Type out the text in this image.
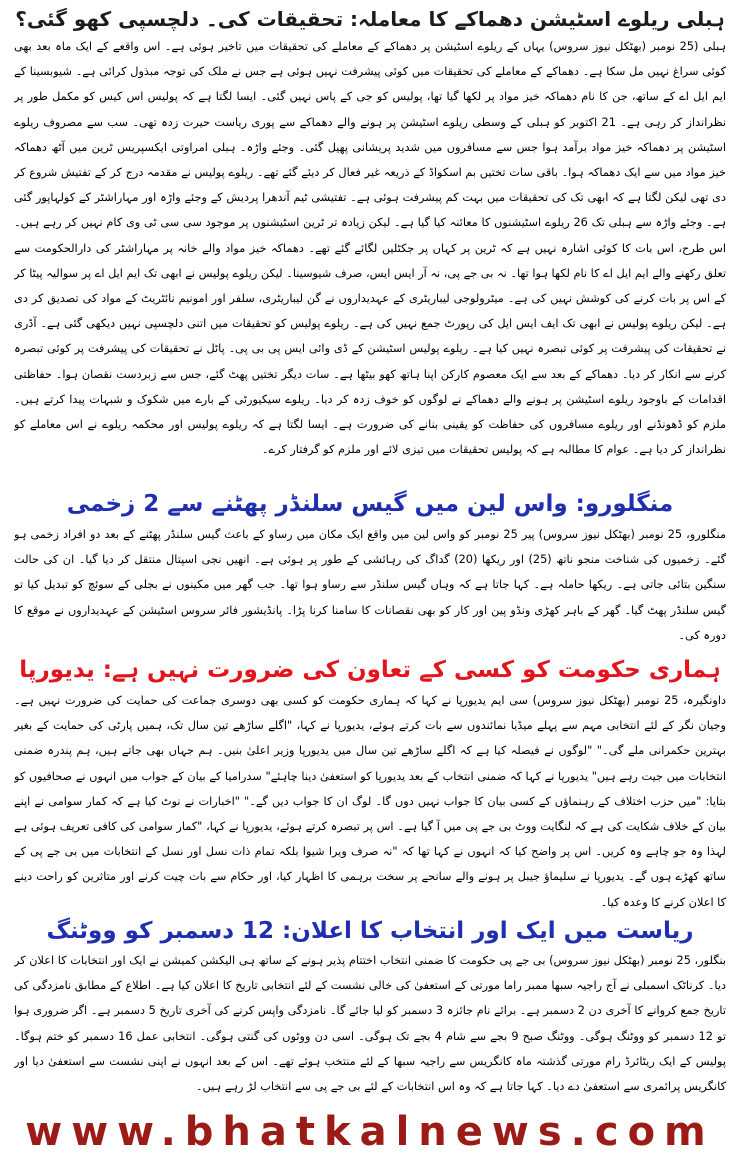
ہبلی ریلوے اسٹیشن دھماکے کا معاملہ: تحقیقات کی۔ دلچسپی کھو گئی؟

ہبلی (25 نومبر (بھٹکل نیوز سروس) یہاں کے ریلوے اسٹیشن پر دھماکے کے معاملے کی تحقیقات میں تاخیر ہوئی ہے۔ اس واقعے کے ایک ماہ بعد بھی کوئی سراغ نہیں مل سکا ہے۔ دھماکے کے معاملے کی تحقیقات میں کوئی پیشرفت نہیں ہوئی ہے جس نے ملک کی توجہ مبذول کرائی ہے۔ شیوبسینا کے ایم ایل اے کے ساتھ، جن کا نام دھماکہ خیز مواد پر لکھا گیا تھا، پولیس کو جی کے پاس نہیں گئی۔ ایسا لگتا ہے کہ پولیس اس کیس کو مکمل طور پر نظرانداز کر رہی ہے۔ 21 اکتوبر کو ہبلی کے وسطی ریلوے اسٹیشن پر ہونے والے دھماکے سے پوری ریاست حیرت زدہ تھی۔ سب سے مصروف ریلوے اسٹیشن پر دھماکہ خیز مواد برآمد ہوا جس سے مسافروں میں شدید پریشانی پھیل گئی۔ وجئے واڑہ۔ ہبلی امراوتی ایکسپریس ٹرین میں آٹھ دھماکہ خیز مواد میں سے ایک دھماکہ ہوا۔ باقی سات تختیں بم اسکواڈ کے ذریعہ غیر فعال کر دیئے گئے تھے۔ ریلوے پولیس نے مقدمہ درج کر کے تفتیش شروع کر دی تھی لیکن لگتا ہے کہ ابھی تک کی تحقیقات میں بہت کم پیشرفت ہوئی ہے۔ تفتیشی ٹیم آندھرا پردیش کے وجئے واڑہ اور مہاراشٹر کے کولہاپور گئی ہے۔ وجئے واڑہ سے ہبلی تک 26 ریلوے اسٹیشنوں کا معائنہ کیا گیا ہے۔ لیکن زیادہ تر ٹرین اسٹیشنوں پر موجود سی سی ٹی وی کام نہیں کر رہے ہیں۔ اس طرح، اس بات کا کوئی اشارہ نہیں ہے کہ ٹرین پر کہاں پر جکٹلیں لگائے گئے تھے۔ دھماکہ خیز مواد والے خانہ پر مہاراشٹر کی دارالحکومت سے تعلق رکھنے والے ایم ایل اے کا نام لکھا ہوا تھا۔ نہ بی جے پی، نہ آر ایس ایس، صرف شیوسینا۔ لیکن ریلوے پولیس نے ابھی تک ایم ایل اے پر سوالیہ پیٹا کر کے اس پر بات کرنے کی کوشش نہیں کی ہے۔ میٹرولوجی لیباریٹری کے عہدیداروں نے گن لیباریٹری، سلفر اور امونیم نائٹریٹ کے مواد کی تصدیق کر دی ہے۔ لیکن ریلوے پولیس نے ابھی تک ایف ایس ایل کی رپورٹ جمع نہیں کی ہے۔ ریلوے پولیس کو تحقیقات میں اتنی دلچسپی نہیں دیکھی گئی ہے۔ آڈری نے تحقیقات کی پیشرفت پر کوئی تبصرہ نہیں کیا ہے۔ ریلوے پولیس اسٹیشن کے ڈی وائی ایس پی بی پی۔ پاٹل نے تحقیقات کی پیشرفت پر کوئی تبصرہ کرنے سے انکار کر دیا۔ دھماکے کے بعد سے ایک معصوم کارکن اپنا ہاتھ کھو بیٹھا ہے۔ سات دیگر تختیں پھٹ گئے، جس سے زبردست نقصان ہوا۔ حفاظتی اقدامات کے باوجود ریلوے اسٹیشن پر ہونے والے دھماکے نے لوگوں کو خوف زدہ کر دیا۔ ریلوے سیکیورٹی کے بارے میں شکوک و شبہات پیدا کرتے ہیں۔ ملزم کو ڈھونڈنے اور ریلوے مسافروں کی حفاظت کو یقینی بنانے کی ضرورت ہے۔ ایسا لگتا ہے کہ ریلوے پولیس اور محکمہ ریلوے نے اس معاملے کو نظرانداز کر دیا ہے۔ عوام کا مطالبہ ہے کہ پولیس تحقیقات میں تیزی لائے اور ملزم کو گرفتار کرے۔

منگلورو: واس لین میں گیس سلنڈر پھٹنے سے 2 زخمی

منگلورو، 25 نومبر (بھٹکل نیوز سروس) پیر 25 نومبر کو واس لین میں واقع ایک مکان میں رساو کے باعث گیس سلنڈر پھٹنے کے بعد دو افراد زخمی ہو گئے۔ زخمیوں کی شناخت منجو ناتھ (25) اور ریکھا (20) گداگ کی رہائشی کے طور پر ہوئی ہے۔ انھیں نجی اسپتال منتقل کر دیا گیا۔ ان کی حالت سنگین بتائی جاتی ہے۔ ریکھا حاملہ ہے۔ کہا جاتا ہے کہ وہاں گیس سلنڈر سے رساو ہوا تھا۔ جب گھر میں مکینوں نے بجلی کے سوئچ کو تبدیل کیا تو گیس سلنڈر پھٹ گیا۔ گھر کے باہر کھڑی ونڈو پین اور کار کو بھی نقصانات کا سامنا کرنا پڑا۔ پانڈیشور فائر سروس اسٹیشن کے عہدیداروں نے موقع کا دورہ کی۔

ہماری حکومت کو کسی کے تعاون کی ضرورت نہیں ہے: یدیورپا

داونگیرہ، 25 نومبر (بھٹکل نیوز سروس) سی ایم یدیورپا نے کہا کہ ہماری حکومت کو کسی بھی دوسری جماعت کی حمایت کی ضرورت نہیں ہے۔ وجیان نگر کے لئے انتخابی مہم سے پہلے میڈیا نمائندوں سے بات کرتے ہوئے، یدیورپا نے کہا، "اگلے ساڑھے تین سال تک، ہمیں پارٹی کی حمایت کے بغیر بہترین حکمرانی ملے گی۔" "لوگوں نے فیصلہ کیا ہے کہ اگلے ساڑھے تین سال میں یدیورپا وزیر اعلیٰ بنیں۔ ہم جہاں بھی جاتے ہیں، ہم پندرہ ضمنی انتخابات میں جیت رہے ہیں" یدیورپا نے کہا کہ ضمنی انتخاب کے بعد یدیورپا کو استعفیٰ دینا چاہئے" سدرامیا کے بیان کے جواب میں انہوں نے صحافیوں کو بتایا: "میں حزب اختلاف کے رہنماؤں کے کسی بیان کا جواب نہیں دوں گا۔ لوگ ان کا جواب دیں گے۔" "اخبارات نے نوٹ کیا ہے کہ کمار سوامی نے اپنے بیان کے خلاف شکایت کی ہے کہ لنگایت ووٹ بی جے پی میں آ گیا ہے۔ اس پر تبصرہ کرتے ہوئے، یدیورپا نے کہا، "کمار سوامی کی کافی تعریف ہوئی ہے لہذا وہ جو چاہے وہ کریں۔ اس پر واضح کیا کہ انہوں نے کہا تھا کہ "نہ صرف ویرا شیوا بلکہ تمام ذات نسل اور نسل کے انتخابات میں بی جے پی کے ساتھ کھڑے ہوں گے۔ یدیورپا نے سلیماؤ جیبل پر ہونے والے سانحے پر سخت برہمی کا اظہار کیا، اور حکام سے بات چیت کرنے اور متاثرین کو راحت دینے کا اعلان کرنے کا وعدہ کیا۔

ریاست میں ایک اور انتخاب کا اعلان: 12 دسمبر کو ووٹنگ

بنگلور، 25 نومبر (بھٹکل نیوز سروس) بی جے پی حکومت کا ضمنی انتخاب اختتام پذیر ہونے کے ساتھ ہی الیکشن کمیشن نے ایک اور انتخابات کا اعلان کر دیا۔ کرناٹک اسمبلی نے آج راجیہ سبھا ممبر راما مورتی کے استعفیٰ کی خالی نشست کے لئے انتخابی تاریخ کا اعلان کیا ہے۔ اطلاع کے مطابق نامزدگی کی تاریخ جمع کروانے کا آخری دن 2 دسمبر ہے۔ برائے نام جائزہ 3 دسمبر کو لیا جائے گا۔ نامزدگی واپس کرنے کی آخری تاریخ 5 دسمبر ہے۔ اگر ضروری ہوا تو 12 دسمبر کو ووٹنگ ہوگی۔ ووٹنگ صبح 9 بجے سے شام 4 بجے تک ہوگی۔ اسی دن ووٹوں کی گنتی ہوگی۔ انتخابی عمل 16 دسمبر کو ختم ہوگا۔ پولیس کے ایک ریٹائرڈ رام مورتی گذشتہ ماہ کانگریس سے راجیہ سبھا کے لئے منتخب ہوئے تھے۔ اس کے بعد انہوں نے اپنی نشست سے استعفیٰ دیا اور کانگریس پرائمری سے استعفیٰ دے دیا۔ کہا جاتا ہے کہ وہ اس انتخابات کے لئے بی جے پی سے انتخاب لڑ رہے ہیں۔

www.bhatkalnews.com
